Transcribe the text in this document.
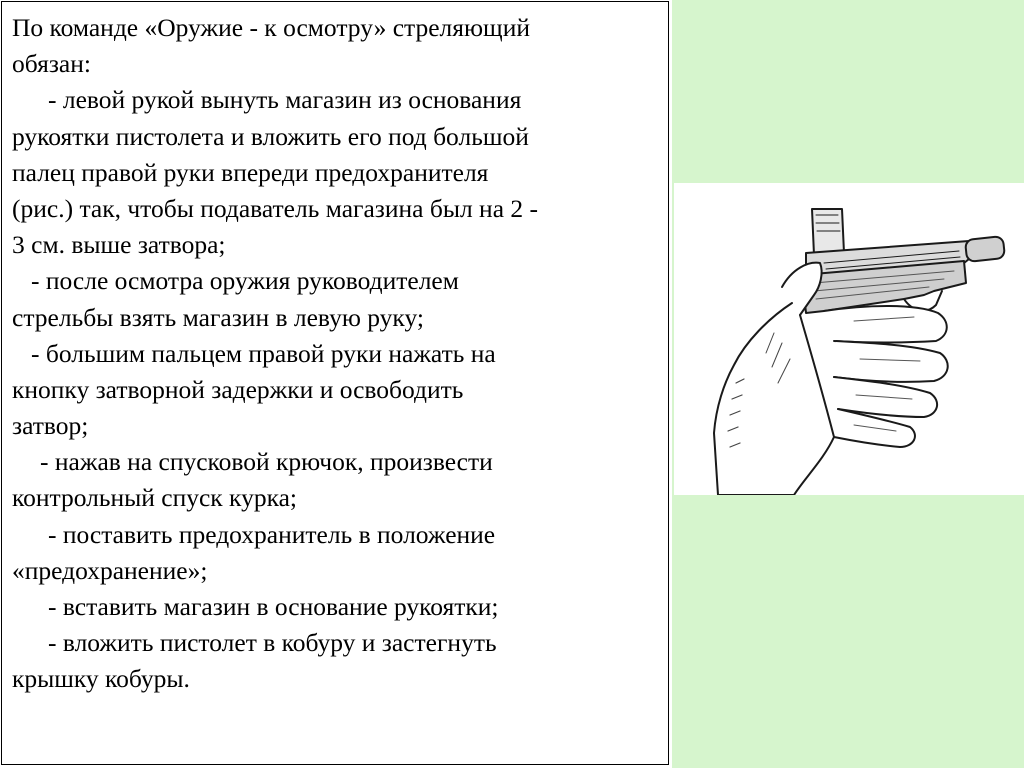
По команде «Оружие - к осмотру» стреляющий
обязан:
- левой рукой вынуть магазин из основания
рукоятки пистолета и вложить его под большой
палец правой руки впереди предохранителя
(рис.) так, чтобы подаватель магазина был на 2 -
3 см. выше затвора;
- после осмотра оружия руководителем
стрельбы взять магазин в левую руку;
- большим пальцем правой руки нажать на
кнопку затворной задержки и освободить
затвор;
- нажав на спусковой крючок, произвести
контрольный спуск курка;
- поставить предохранитель в положение
«предохранение»;
- вставить магазин в основание рукоятки;
- вложить пистолет в кобуру и застегнуть
крышку кобуры.
